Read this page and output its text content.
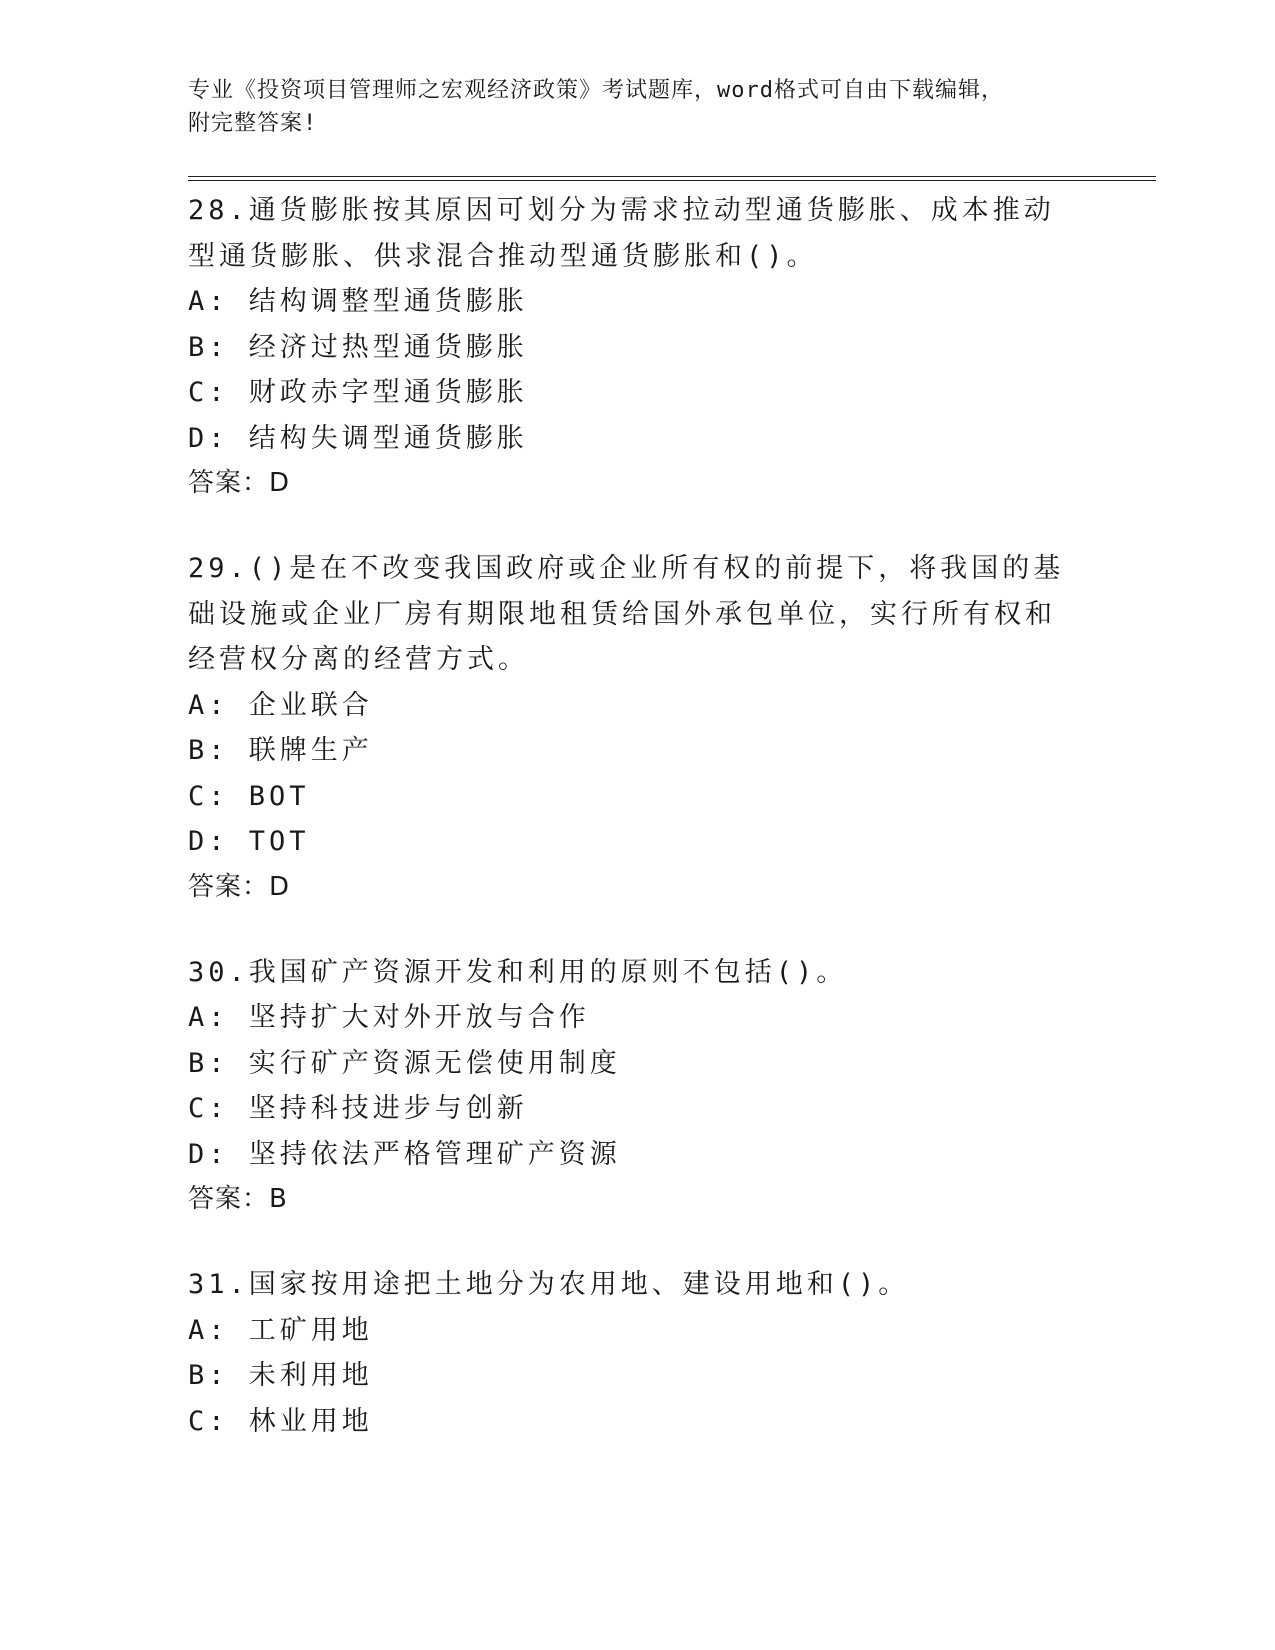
专业《投资项目管理师之宏观经济政策》考试题库，word格式可自由下载编辑，
附完整答案!
28.通货膨胀按其原因可划分为需求拉动型通货膨胀、成本推动型通货膨胀、供求混合推动型通货膨胀和()。
A: 结构调整型通货膨胀
B: 经济过热型通货膨胀
C: 财政赤字型通货膨胀
D: 结构失调型通货膨胀
答案：D
29.()是在不改变我国政府或企业所有权的前提下，将我国的基础设施或企业厂房有期限地租赁给国外承包单位，实行所有权和经营权分离的经营方式。
A: 企业联合
B: 联牌生产
C: BOT
D: TOT
答案：D
30.我国矿产资源开发和利用的原则不包括()。
A: 坚持扩大对外开放与合作
B: 实行矿产资源无偿使用制度
C: 坚持科技进步与创新
D: 坚持依法严格管理矿产资源
答案：B
31.国家按用途把土地分为农用地、建设用地和()。
A: 工矿用地
B: 未利用地
C: 林业用地
